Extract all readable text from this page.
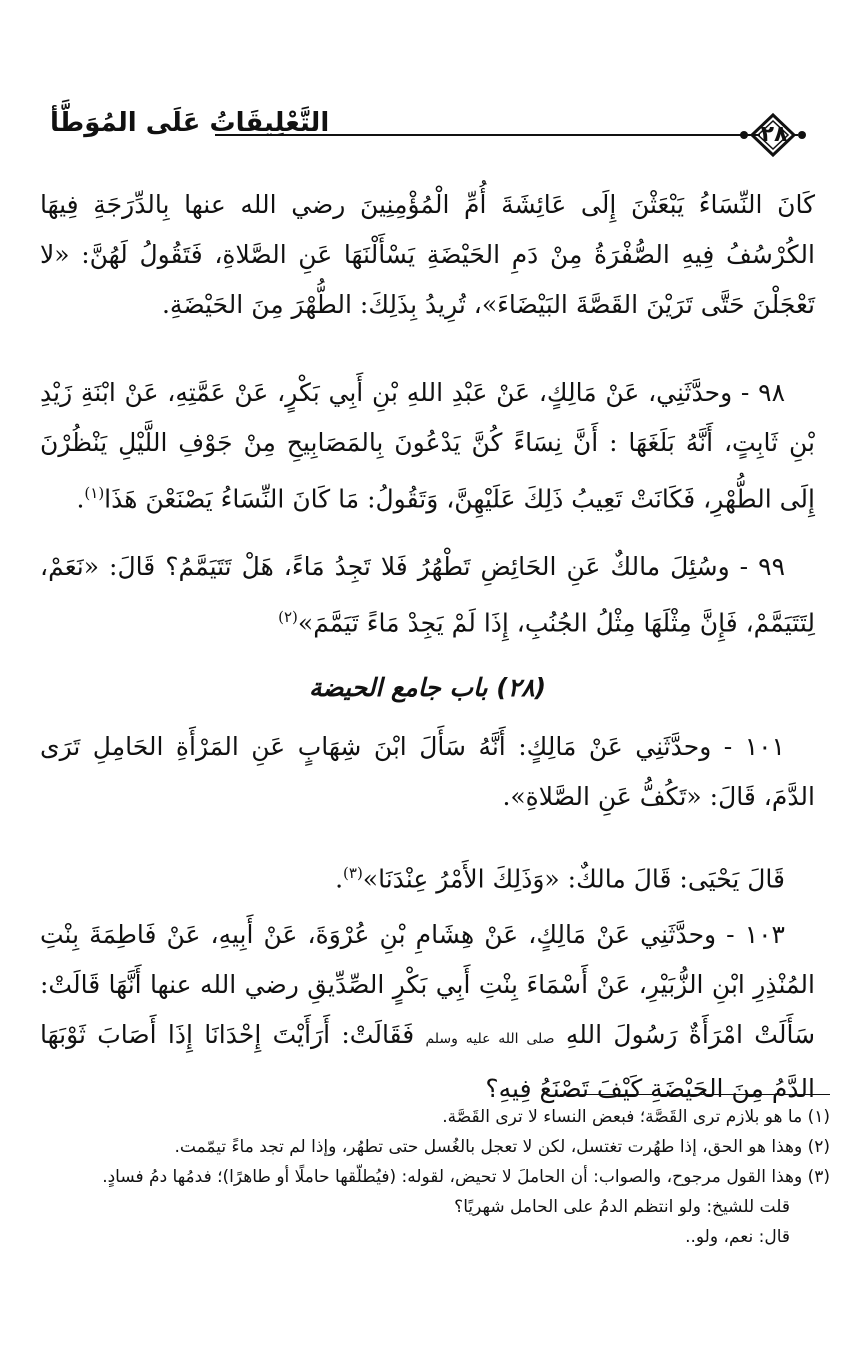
التَّعْلِيقَاتُ عَلَى المُوَطَّأ	٢٨

كَانَ النِّسَاءُ يَبْعَثْنَ إِلَى عَائِشَةَ أُمِّ الْمُؤْمِنِينَ رضي الله عنها بِالدِّرَجَةِ فِيهَا الكُرْسُفُ فِيهِ الصُّفْرَةُ مِنْ دَمِ الحَيْضَةِ يَسْأَلْنَهَا عَنِ الصَّلاةِ، فَتَقُولُ لَهُنَّ: «لا تَعْجَلْنَ حَتَّى تَرَيْنَ القَصَّةَ البَيْضَاءَ»، تُرِيدُ بِذَلِكَ: الطُّهْرَ مِنَ الحَيْضَةِ.

٩٨ - وحدَّثَنِي، عَنْ مَالِكٍ، عَنْ عَبْدِ اللهِ بْنِ أَبِي بَكْرٍ، عَنْ عَمَّتِهِ، عَنْ ابْنَةِ زَيْدِ بْنِ ثَابِتٍ، أَنَّهُ بَلَغَهَا : أَنَّ نِسَاءً كُنَّ يَدْعُونَ بِالمَصَابِيحِ مِنْ جَوْفِ اللَّيْلِ يَنْظُرْنَ إِلَى الطُّهْرِ، فَكَانَتْ تَعِيبُ ذَلِكَ عَلَيْهِنَّ، وَتَقُولُ: مَا كَانَ النِّسَاءُ يَصْنَعْنَ هَذَا$^{(١)}$.

٩٩ - وسُئِلَ مالكٌ عَنِ الحَائِضِ تَطْهُرُ فَلا تَجِدُ مَاءً، هَلْ تَتَيَمَّمُ؟ قَالَ: «نَعَمْ، لِتَتَيَمَّمْ، فَإِنَّ مِثْلَهَا مِثْلُ الجُنُبِ، إِذَا لَمْ يَجِدْ مَاءً تَيَمَّمَ»$^{(٢)}$

(٢٨) باب جامع الحيضة

١٠١ - وحدَّثَنِي عَنْ مَالِكٍ: أَنَّهُ سَأَلَ ابْنَ شِهَابٍ عَنِ المَرْأَةِ الحَامِلِ تَرَى الدَّمَ، قَالَ: «تَكُفُّ عَنِ الصَّلاةِ».

قَالَ يَحْيَى: قَالَ مالكٌ: «وَذَلِكَ الأَمْرُ عِنْدَنَا»$^{(٣)}$.

١٠٣ - وحدَّثَنِي عَنْ مَالِكٍ، عَنْ هِشَامِ بْنِ عُرْوَةَ، عَنْ أَبِيهِ، عَنْ فَاطِمَةَ بِنْتِ المُنْذِرِ ابْنِ الزُّبَيْرِ، عَنْ أَسْمَاءَ بِنْتِ أَبِي بَكْرٍ الصِّدِّيقِ رضي الله عنها أَنَّهَا قَالَتْ: سَأَلَتْ امْرَأَةٌ رَسُولَ اللهِ صلى الله عليه وسلم فَقَالَتْ: أَرَأَيْتَ إِحْدَانَا إِذَا أَصَابَ ثَوْبَهَا الدَّمُ مِنَ الحَيْضَةِ كَيْفَ تَصْنَعُ فِيهِ؟

(١) ما هو بلازم ترى القَصَّة؛ فبعض النساء لا ترى القَصَّة.

(٢) وهذا هو الحق، إذا طهُرت تغتسل، لكن لا تعجل بالغُسل حتى تطهُر، وإذا لم تجد ماءً تيمّمت.

(٣) وهذا القول مرجوح، والصواب: أن الحاملَ لا تحيض، لقوله: (فيُطلّقها حاملًا أو طاهرًا)؛ فدمُها دمُ فسادٍ.

قلت للشيخ: ولو انتظم الدمُ على الحامل شهريًا؟

قال: نعم، ولو..
